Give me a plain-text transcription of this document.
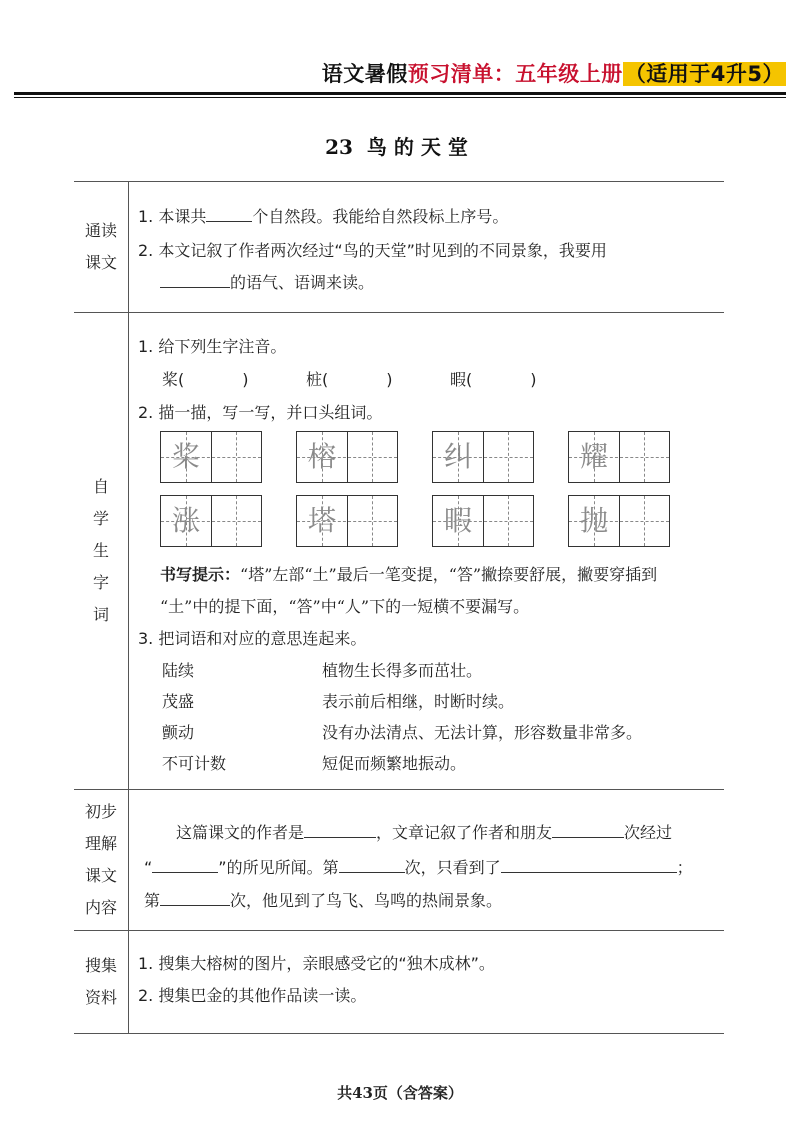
语文暑假预习清单：五年级上册（适用于4升5）
23 鸟的天堂
通读
课文
1. 本课共	个自然段。我能给自然段标上序号。
2. 本文记叙了作者两次经过“鸟的天堂”时见到的不同景象，我要用
的语气、语调来读。
自
学
生
字
词
1. 给下列生字注音。
桨(	)	桩(	)	暇(	)
2. 描一描，写一写，并口头组词。
桨	榕	纠	耀
涨	塔	暇	抛
书写提示：“塔”左部“土”最后一笔变提，“答”撇捺要舒展，撇要穿插到
“土”中的提下面，“答”中“人”下的一短横不要漏写。
3. 把词语和对应的意思连起来。
陆续	植物生长得多而茁壮。
茂盛	表示前后相继，时断时续。
颤动	没有办法清点、无法计算，形容数量非常多。
不可计数	短促而频繁地振动。
初步
理解
课文
内容
这篇课文的作者是	，文章记叙了作者和朋友	次经过
“	”的所见所闻。第	次，只看到了	；
第	次，他见到了鸟飞、鸟鸣的热闹景象。
搜集
资料
1. 搜集大榕树的图片，亲眼感受它的“独木成林”。
2. 搜集巴金的其他作品读一读。
共43页（含答案）
